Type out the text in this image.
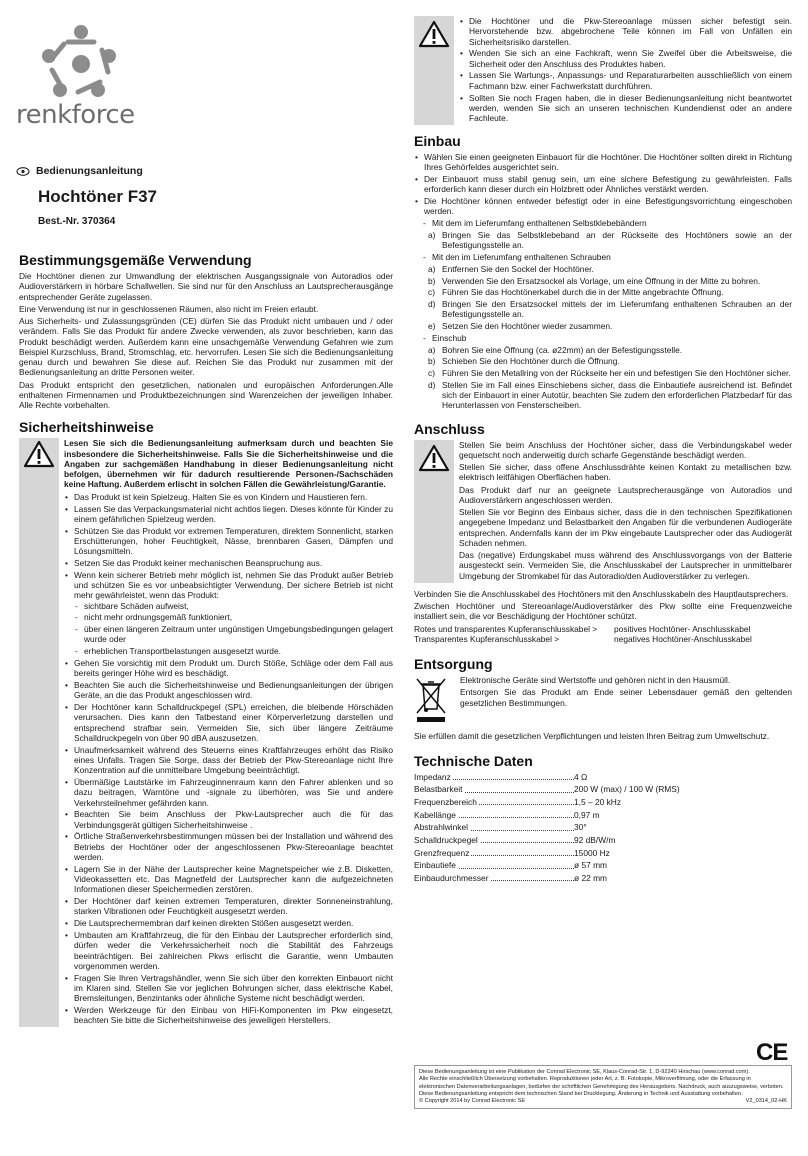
renkforce
Bedienungsanleitung
Hochtöner F37
Best.-Nr. 370364
Bestimmungsgemäße Verwendung

Die Hochtöner dienen zur Umwandlung der elektrischen Ausgangssignale von Autoradios oder Audioverstärkern in hörbare Schallwellen. Sie sind nur für den Anschluss an Lautsprecherausgänge entsprechender Geräte zugelassen.

Eine Verwendung ist nur in geschlossenen Räumen, also nicht im Freien erlaubt.

Aus Sicherheits- und Zulassungsgründen (CE) dürfen Sie das Produkt nicht umbauen und / oder verändern. Falls Sie das Produkt für andere Zwecke verwenden, als zuvor beschrieben, kann das Produkt beschädigt werden. Außerdem kann eine unsachgemäße Verwendung Gefahren wie zum Beispiel Kurzschluss, Brand, Stromschlag, etc. hervorrufen. Lesen Sie sich die Bedienungsanleitung genau durch und bewahren Sie diese auf. Reichen Sie das Produkt nur zusammen mit der Bedienungsanleitung an dritte Personen weiter.

Das Produkt entspricht den gesetzlichen, nationalen und europäischen Anforderungen.Alle enthaltenen Firmennamen und Produktbezeichnungen sind Warenzeichen der jeweiligen Inhaber. Alle Rechte vorbehalten.

Sicherheitshinweise

Lesen Sie sich die Bedienungsanleitung aufmerksam durch und beachten Sie insbesondere die Sicherheitshinweise. Falls Sie die Sicherheitshinweise und die Angaben zur sachgemäßen Handhabung in dieser Bedienungsanleitung nicht befolgen, übernehmen wir für dadurch resultierende Personen-/Sachschäden keine Haftung. Außerdem erlischt in solchen Fällen die Gewährleistung/Garantie.

• Das Produkt ist kein Spielzeug. Halten Sie es von Kindern und Haustieren fern.
• Lassen Sie das Verpackungsmaterial nicht achtlos liegen. Dieses könnte für Kinder zu einem gefährlichen Spielzeug werden.
• Schützen Sie das Produkt vor extremen Temperaturen, direktem Sonnenlicht, starken Erschütterungen, hoher Feuchtigkeit, Nässe, brennbaren Gasen, Dämpfen und Lösungsmitteln.
• Setzen Sie das Produkt keiner mechanischen Beanspruchung aus.
• Wenn kein sicherer Betrieb mehr möglich ist, nehmen Sie das Produkt außer Betrieb und schützen Sie es vor unbeabsichtigter Verwendung. Der sichere Betrieb ist nicht mehr gewährleistet, wenn das Produkt:
- sichtbare Schäden aufweist,
- nicht mehr ordnungsgemäß funktioniert,
- über einen längeren Zeitraum unter ungünstigen Umgebungsbedingungen gelagert wurde oder
- erheblichen Transportbelastungen ausgesetzt wurde.
• Gehen Sie vorsichtig mit dem Produkt um. Durch Stöße, Schläge oder dem Fall aus bereits geringer Höhe wird es beschädigt.
• Beachten Sie auch die Sicherheitshinweise und Bedienungsanleitungen der übrigen Geräte, an die das Produkt angeschlossen wird.
• Der Hochtöner kann Schalldruckpegel (SPL) erreichen, die bleibende Hörschäden verursachen. Dies kann den Tatbestand einer Körperverletzung darstellen und entsprechend strafbar sein. Vermeiden Sie, sich über längere Zeiträume Schalldruckpegeln von über 90 dBA auszusetzen.
• Unaufmerksamkeit während des Steuerns eines Kraftfahrzeuges erhöht das Risiko eines Unfalls. Tragen Sie Sorge, dass der Betrieb der Pkw-Stereoanlage nicht Ihre Konzentration auf die unmittelbare Umgebung beeinträchtigt.
• Übermäßige Lautstärke im Fahrzeuginnenraum kann den Fahrer ablenken und so dazu beitragen, Warntöne und -signale zu überhören, was Sie und andere Verkehrsteilnehmer gefährden kann.
• Beachten Sie beim Anschluss der Pkw-Lautsprecher auch die für das Verbindungsgerät gültigen Sicherheitshinweise .
• Örtliche Straßenverkehrsbestimmungen müssen bei der Installation und während des Betriebs der Hochtöner oder der angeschlossenen Pkw-Stereoanlage beachtet werden.
• Lagern Sie in der Nähe der Lautsprecher keine Magnetspeicher wie z.B. Disketten, Videokassetten etc. Das Magnetfeld der Lautsprecher kann die aufgezeichneten Informationen dieser Speichermedien zerstören.
• Der Hochtöner darf keinen extremen Temperaturen, direkter Sonneneinstrahlung, starken Vibrationen oder Feuchtigkeit ausgesetzt werden.
• Die Lautsprechermembran darf keinen direkten Stößen ausgesetzt werden.
• Umbauten am Kraftfahrzeug, die für den Einbau der Lautsprecher erforderlich sind, dürfen weder die Verkehrssicherheit noch die Stabilität des Fahrzeugs beeinträchtigen. Bei zahlreichen Pkws erlischt die Garantie, wenn Umbauten vorgenommen werden.
• Fragen Sie Ihren Vertragshändler, wenn Sie sich über den korrekten Einbauort nicht im Klaren sind. Stellen Sie vor jeglichen Bohrungen sicher, dass elektrische Kabel, Bremsleitungen, Benzintanks oder ähnliche Systeme nicht beschädigt werden.
• Werden Werkzeuge für den Einbau von HiFi-Komponenten im Pkw eingesetzt, beachten Sie bitte die Sicherheitshinweise des jeweiligen Herstellers.
• Die Hochtöner und die Pkw-Stereoanlage müssen sicher befestigt sein. Hervorstehende bzw. abgebrochene Teile können im Fall von Unfällen ein Sicherheitsrisiko darstellen.
• Wenden Sie sich an eine Fachkraft, wenn Sie Zweifel über die Arbeitsweise, die Sicherheit oder den Anschluss des Produktes haben.
• Lassen Sie Wartungs-, Anpassungs- und Reparaturarbeiten ausschließlich von einem Fachmann bzw. einer Fachwerkstatt durchführen.
• Sollten Sie noch Fragen haben, die in dieser Bedienungsanleitung nicht beantwortet werden, wenden Sie sich an unseren technischen Kundendienst oder an andere Fachleute.
Einbau
• Wählen Sie einen geeigneten Einbauort für die Hochtöner. Die Hochtöner sollten direkt in Richtung Ihres Gehörfeldes ausgerichtet sein.
• Der Einbauort muss stabil genug sein, um eine sichere Befestigung zu gewährleisten. Falls erforderlich kann dieser durch ein Holzbrett oder Ähnliches verstärkt werden.
• Die Hochtöner können entweder befestigt oder in eine Befestigungsvorrichtung eingeschoben werden.
- Mit dem im Lieferumfang enthaltenen Selbstklebebändern
a) Bringen Sie das Selbstklebeband an der Rückseite des Hochtöners sowie an der Befestigungsstelle an.
- Mit den im Lieferumfang enthaltenen Schrauben
a) Entfernen Sie den Sockel der Hochtöner.
b) Verwenden Sie den Ersatzsockel als Vorlage, um eine Öffnung in der Mitte zu bohren.
c) Führen Sie das Hochtönerkabel durch die in der Mitte angebrachte Öffnung.
d) Bringen Sie den Ersatzsockel mittels der im Lieferumfang enthaltenen Schrauben an der Befestigungsstelle an.
e) Setzen Sie den Hochtöner wieder zusammen.
- Einschub
a) Bohren Sie eine Öffnung (ca. ø22mm) an der Befestigungsstelle.
b) Schieben Sie den Hochtöner durch die Öffnung.
c) Führen Sie den Metallring von der Rückseite her ein und befestigen Sie den Hochtöner sicher.
d) Stellen Sie im Fall eines Einschiebens sicher, dass die Einbautiefe ausreichend ist. Befindet sich der Einbauort in einer Autotür, beachten Sie zudem den erforderlichen Platzbedarf für das Herunterlassen von Fensterscheiben.
Anschluss

Stellen Sie beim Anschluss der Hochtöner sicher, dass die Verbindungskabel weder gequetscht noch anderweitig durch scharfe Gegenstände beschädigt werden.

Stellen Sie sicher, dass offene Anschlussdrähte keinen Kontakt zu metallischen bzw. elektrisch leitfähigen Oberflächen haben.

Das Produkt darf nur an geeignete Lautsprecherausgänge von Autoradios und Audioverstärkern angeschlossen werden.

Stellen Sie vor Beginn des Einbaus sicher, dass die in den technischen Spezifikationen angegebene Impedanz und Belastbarkeit den Angaben für die verbundenen Audiogeräte entsprechen. Andernfalls kann der im Pkw eingebaute Lautsprecher oder das Audiogerät Schaden nehmen.

Das (negative) Erdungskabel muss während des Anschlussvorgangs von der Batterie ausgesteckt sein. Vermeiden Sie, die Anschlusskabel der Lautsprecher in unmittelbarer Umgebung der Stromkabel für das Autoradio/den Audioverstärker zu verlegen.

Verbinden Sie die Anschlusskabel des Hochtöners mit den Anschlusskabeln des Hauptlautsprechers.

Zwischen Hochtöner und Stereoanlage/Audioverstärker des Pkw sollte eine Frequenzweiche installiert sein, die vor Beschädigung der Hochtöner schützt.

Rotes und transparentes Kupferanschlusskabel >	positives Hochtöner- Anschlusskabel
Transparentes Kupferanschlusskabel >	negatives Hochtöner-Anschlusskabel
Entsorgung

Elektronische Geräte sind Wertstoffe und gehören nicht in den Hausmüll.

Entsorgen Sie das Produkt am Ende seiner Lebensdauer gemäß den geltenden gesetzlichen Bestimmungen.

Sie erfüllen damit die gesetzlichen Verpflichtungen und leisten Ihren Beitrag zum Umweltschutz.

Technische Daten
Impedanz	4 Ω
Belastbarkeit	200 W (max) / 100 W (RMS)
Frequenzbereich	1,5 – 20 kHz
Kabellänge	0,97 m
Abstrahlwinkel	30°
Schalldruckpegel	92 dB/W/m
Grenzfrequenz	15000 Hz
Einbautiefe	ø 57 mm
Einbaudurchmesser	ø 22 mm
CE
Diese Bedienungsanleitung ist eine Publikation der Conrad Electronic SE, Klaus-Conrad-Str. 1, D-92240 Hirschau (www.conrad.com).
Alle Rechte einschließlich Übersetzung vorbehalten. Reproduktionen jeder Art, z. B. Fotokopie, Mikroverfilmung, oder die Erfassung in elektronischen Datenverarbeitungsanlagen, bedürfen der schriftlichen Genehmigung des Herausgebers. Nachdruck, auch auszugsweise, verboten.
Diese Bedienungsanleitung entspricht dem technischen Stand bei Drucklegung. Änderung in Technik und Ausstattung vorbehalten.
© Copyright 2014 by Conrad Electronic SE	V2_0314_02-HK
